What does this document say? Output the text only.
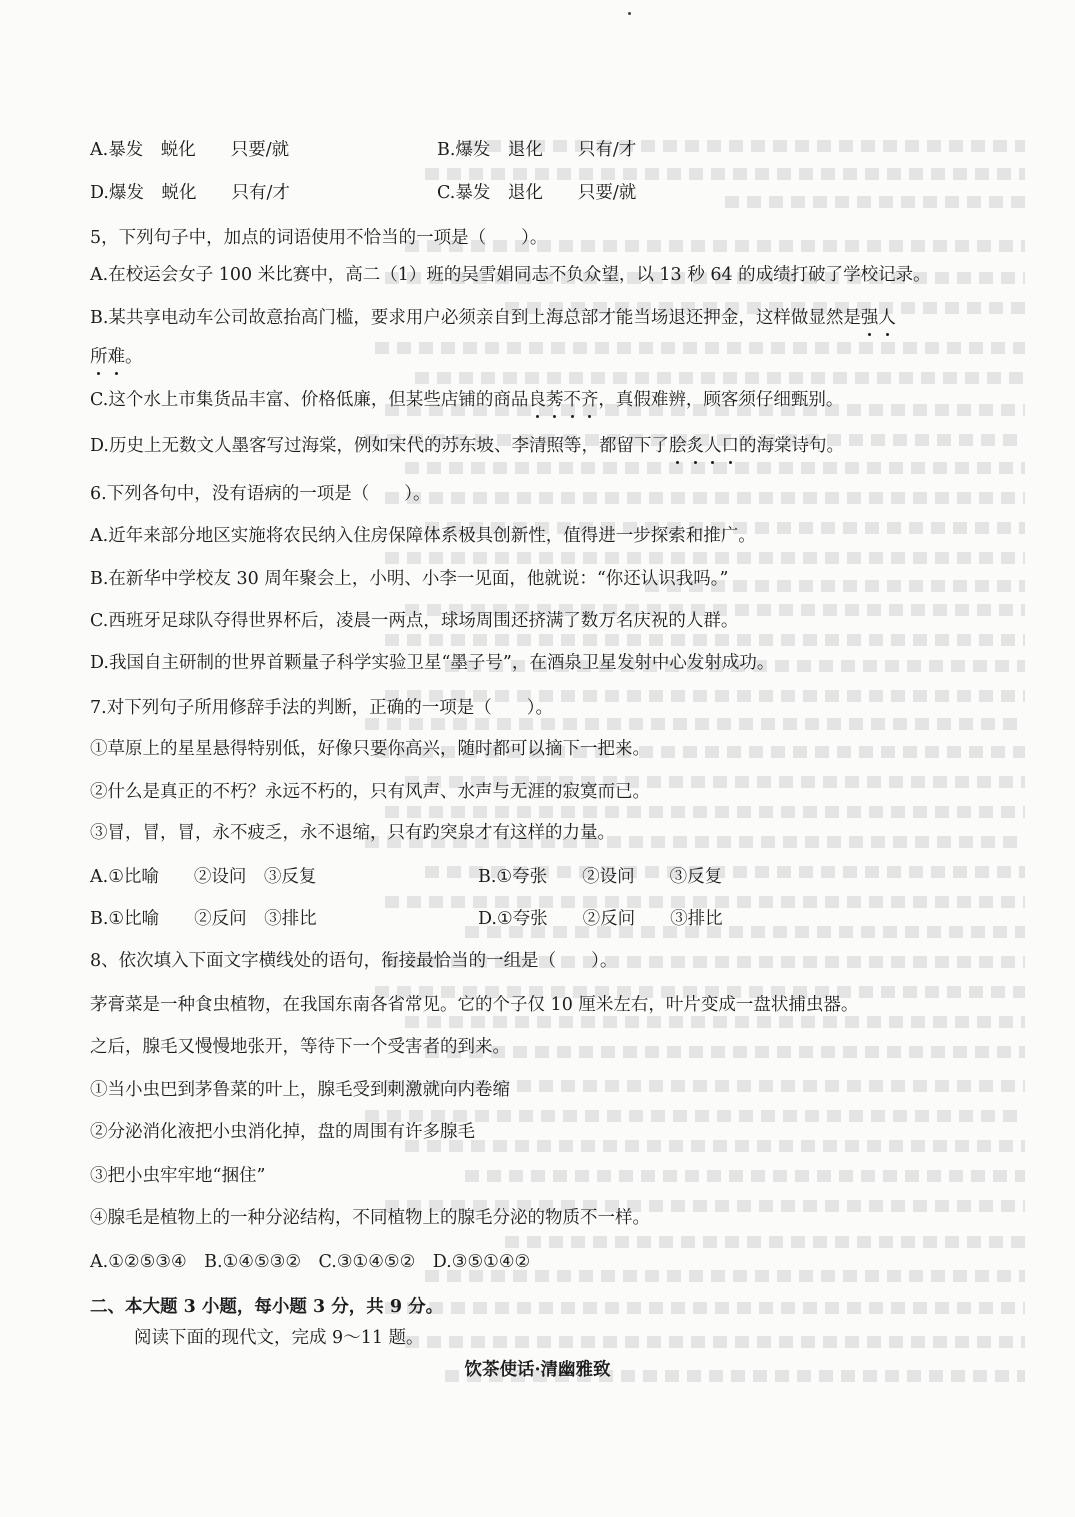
A.暴发　蜕化　　只要/就	B.爆发　退化　　只有/才
D.爆发　蜕化　　只有/才	C.暴发　退化　　只要/就
5，下列句子中，加点的词语使用不恰当的一项是（　　）。
A.在校运会女子 100 米比赛中，高二（1）班的吴雪娟同志不负众望，以 13 秒 64 的成绩打破了学校记录。
B.某共享电动车公司故意抬高门槛，要求用户必须亲自到上海总部才能当场退还押金，这样做显然是强人
所难。
C.这个水上市集货品丰富、价格低廉，但某些店铺的商品良莠不齐，真假难辨，顾客须仔细甄别。
D.历史上无数文人墨客写过海棠，例如宋代的苏东坡、李清照等，都留下了脍炙人口的海棠诗句。
6.下列各句中，没有语病的一项是（　　）。
A.近年来部分地区实施将农民纳入住房保障体系极具创新性，值得进一步探索和推广。
B.在新华中学校友 30 周年聚会上，小明、小李一见面，他就说：“你还认识我吗。”
C.西班牙足球队夺得世界杯后，凌晨一两点，球场周围还挤满了数万名庆祝的人群。
D.我国自主研制的世界首颗量子科学实验卫星“墨子号”，在酒泉卫星发射中心发射成功。
7.对下列句子所用修辞手法的判断，正确的一项是（　　）。
①草原上的星星悬得特别低，好像只要你高兴，随时都可以摘下一把来。
②什么是真正的不朽？永远不朽的，只有风声、水声与无涯的寂寞而已。
③冒，冒，冒，永不疲乏，永不退缩，只有趵突泉才有这样的力量。
A.①比喻　　②设问　③反复	B.①夸张　　②设问　　③反复
B.①比喻　　②反问　③排比	D.①夸张　　②反问　　③排比
8、依次填入下面文字横线处的语句，衔接最恰当的一组是（　　）。
茅膏菜是一种食虫植物，在我国东南各省常见。它的个子仅 10 厘米左右，叶片变成一盘状捕虫器。
之后，腺毛又慢慢地张开，等待下一个受害者的到来。
①当小虫巴到茅鲁菜的叶上，腺毛受到刺激就向内卷缩
②分泌消化液把小虫消化掉，盘的周围有许多腺毛
③把小虫牢牢地“捆住”
④腺毛是植物上的一种分泌结构，不同植物上的腺毛分泌的物质不一样。
A.①②⑤③④　B.①④⑤③②　C.③①④⑤②　D.③⑤①④②
二、本大题 3 小题，每小题 3 分，共 9 分。
阅读下面的现代文，完成 9～11 题。
饮茶使话·清幽雅致
